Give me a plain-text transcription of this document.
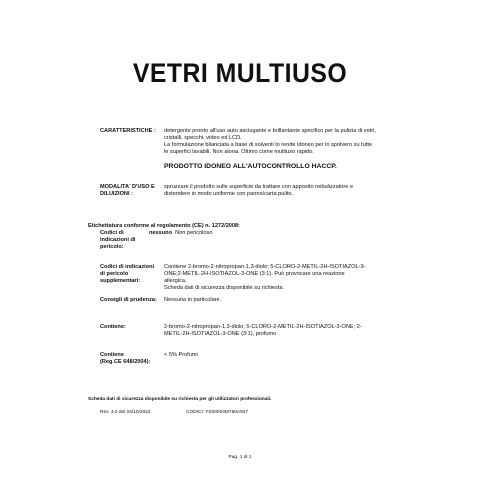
VETRI MULTIUSO
CARATTERISTICHE : detergente pronto all'uso auto asciugante e brillantante specifico per la pulizia di vetri,
cristalli, specchi, video ed LCD.
La formulazione bilanciata a base di solventi lo rende idoneo per lo spolvero su tutte
le superfici lavabili. Non alona. Ottimo come multiuso rapido.
PRODOTTO IDONEO ALL'AUTOCONTROLLO HACCP.
MODALITA' D'USO E
DILUIZIONI :
spruzzare il prodotto sulle superficie da trattare con apposito nebulizzatore e
distendere in modo uniforme con panno/carta pulito.
Etichettatura conforme al regolamento (CE) n. 1272/2008:
Codici di
indicazioni di
pericolo:
nessuno Non pericoloso
Codici di indicazioni
di pericolo
supplementari:
Contiene 2-bromo-2-nitropropan-1,3-diolo; 5-CLORO-2-METIL-2H-ISOTIAZOL-3-
ONE;2-METIL-2H-ISOTIAZOL-3-ONE (3:1). Può provocare una reazione
allergica.
Scheda dati di sicurezza disponibile su richiesta.
Consigli di prudenza: Nessuna in particolare.
Contiene:	2-bromo-2-nitropropan-1,3-diolo; 5-CLORO-2-METIL-2H-ISOTIAZOL-3-ONE; 2-
METIL-2H-ISOTIAZOL-3-ONE (3:1), profumo
Contiene
(Reg.CE 648/2004):
< 5% Profumi
Scheda dati di sicurezza disponibile su richiesta per gli utilizzatori professionali.
Rev. 4.0 del 04/10/2022	CODICI: FS00004M750A937
Pag. 1 di 1
